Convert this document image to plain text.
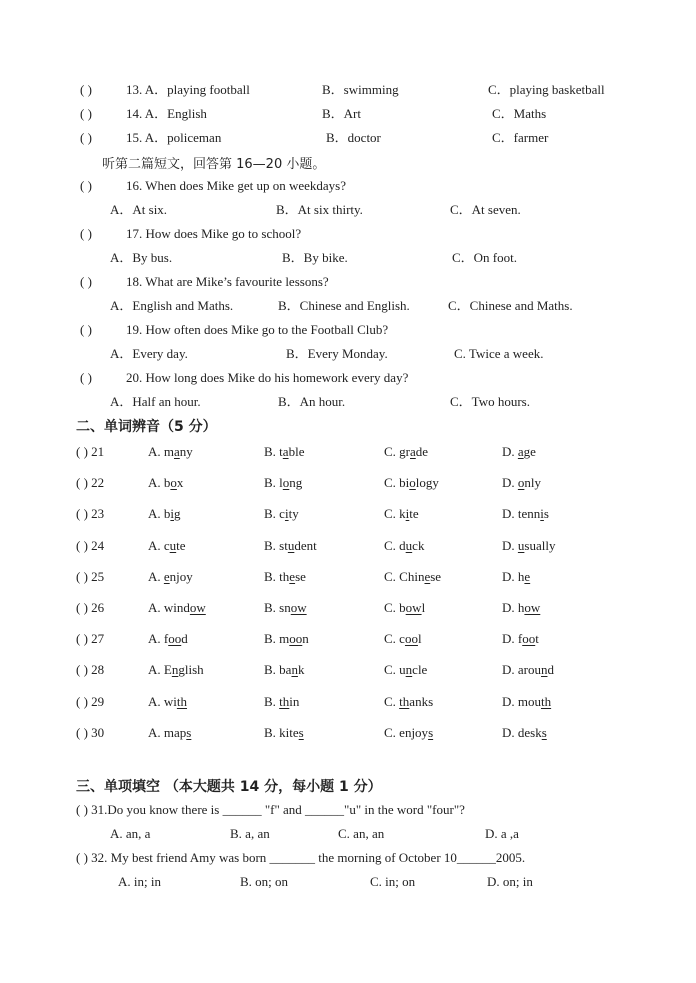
( )	13. A．playing football	B．swimming	C．playing basketball
( )	14. A．English	B．Art	C．Maths
( )	15. A．policeman	B．doctor	C．farmer
听第二篇短文，回答第 16—20 小题。
( )	16. When does Mike get up on weekdays?
A．At six.	B．At six thirty.	C．At seven.
( )	17. How does Mike go to school?
A．By bus.	B．By bike.	C．On foot.
( )	18. What are Mike’s favourite lessons?
A．English and Maths.	B．Chinese and English.	C．Chinese and Maths.
( )	19. How often does Mike go to the Football Club?
A．Every day.	B．Every Monday.	C. Twice a week.
( )	20. How long does Mike do his homework every day?
A．Half an hour.	B．An hour.	C．Two hours.
二、单词辨音（5 分）
( ) 21	A. many	B. table	C. grade	D. age
( ) 22	A. box	B. long	C. biology	D. only
( ) 23	A. big	B. city	C. kite	D. tennis
( ) 24	A. cute	B. student	C. duck	D. usually
( ) 25	A. enjoy	B. these	C. Chinese	D. he
( ) 26	A. window	B. snow	C. bowl	D. how
( ) 27	A. food	B. moon	C. cool	D. foot
( ) 28	A. English	B. bank	C. uncle	D. around
( ) 29	A. with	B. thin	C. thanks	D. mouth
( ) 30	A. maps	B. kites	C. enjoys	D. desks
三、单项填空 （本大题共 14 分，每小题 1 分）
( ) 31.Do you know there is ______ "f" and ______"u" in the word "four"?
A. an, a	B. a, an	C. an, an	D. a ,a
( ) 32. My best friend Amy was born _______ the morning of October 10______2005.
A. in; in	B. on; on	C. in; on	D. on; in
